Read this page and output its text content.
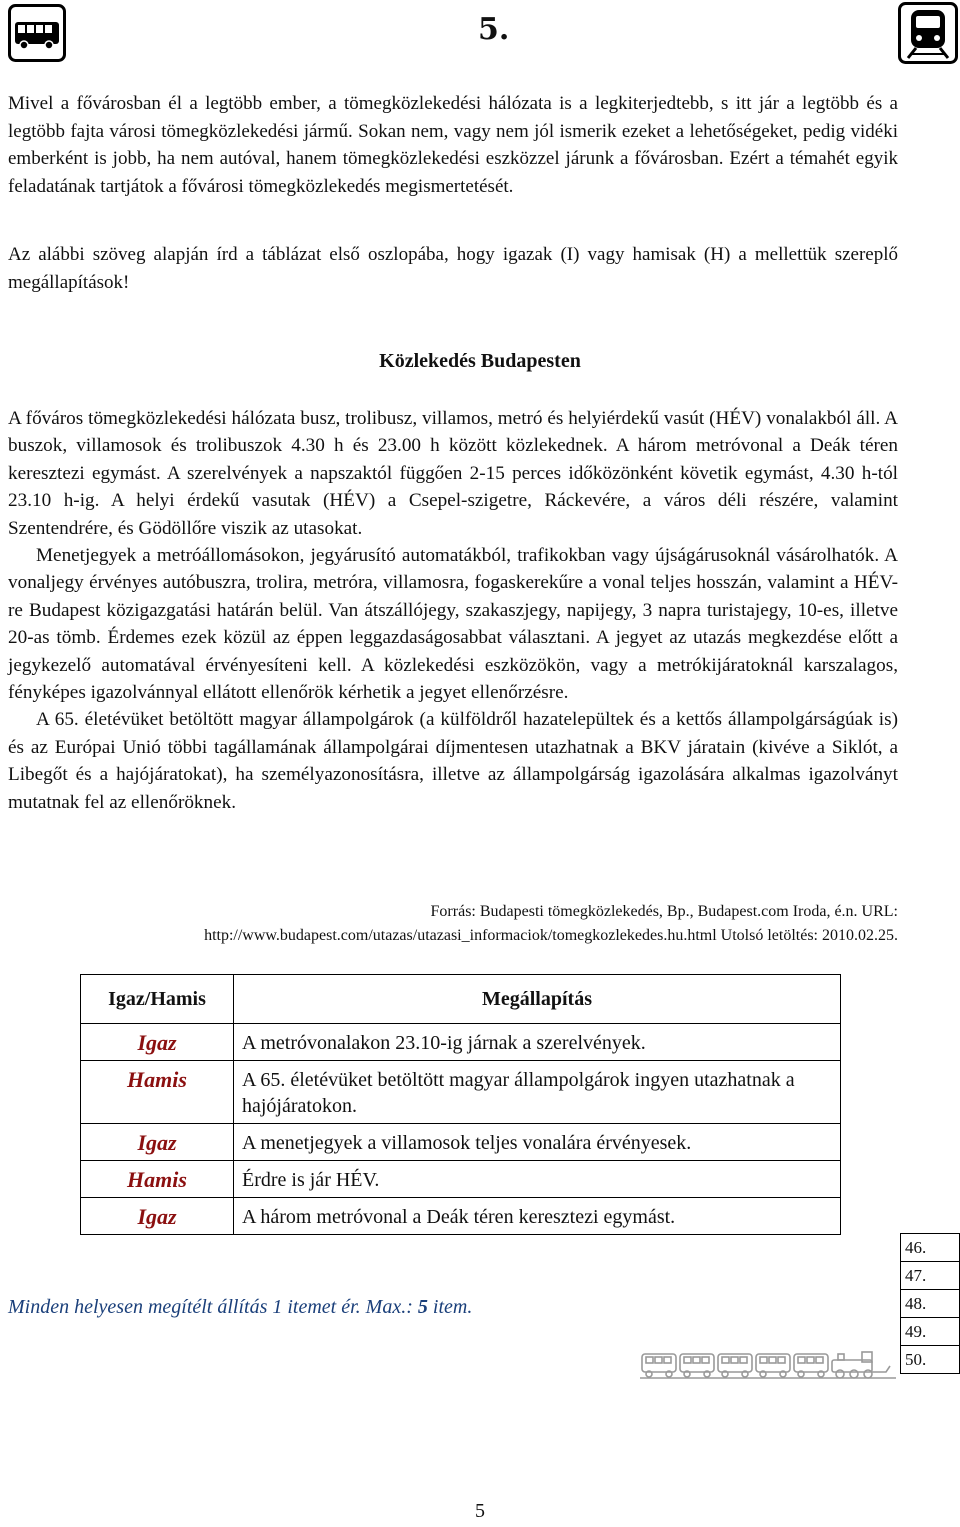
5.
Mivel a fővárosban él a legtöbb ember, a tömegközlekedési hálózata is a legkiterjedtebb, s itt jár a legtöbb és a legtöbb fajta városi tömegközlekedési jármű. Sokan nem, vagy nem jól ismerik ezeket a lehetőségeket, pedig vidéki emberként is jobb, ha nem autóval, hanem tömegközlekedési eszközzel járunk a fővárosban. Ezért a témahét egyik feladatának tartjátok a fővárosi tömegközlekedés megismertetését.
Az alábbi szöveg alapján írd a táblázat első oszlopába, hogy igazak (I) vagy hamisak (H) a mellettük szereplő megállapítások!
Közlekedés Budapesten

A főváros tömegközlekedési hálózata busz, trolibusz, villamos, metró és helyiérdekű vasút (HÉV) vonalakból áll. A buszok, villamosok és trolibuszok 4.30 h és 23.00 h között közlekednek. A három metróvonal a Deák téren keresztezi egymást. A szerelvények a napszaktól függően 2-15 perces időközönként követik egymást, 4.30 h-tól 23.10 h-ig. A helyi érdekű vasutak (HÉV) a Csepel-szigetre, Ráckevére, a város déli részére, valamint Szentendrére, és Gödöllőre viszik az utasokat.

Menetjegyek a metróállomásokon, jegyárusító automatákból, trafikokban vagy újságárusoknál vásárolhatók. A vonaljegy érvényes autóbuszra, trolira, metróra, villamosra, fogaskerekűre a vonal teljes hosszán, valamint a HÉV-re Budapest közigazgatási határán belül. Van átszállójegy, szakaszjegy, napijegy, 3 napra turistajegy, 10-es, illetve 20-as tömb. Érdemes ezek közül az éppen leggazdaságosabbat választani. A jegyet az utazás megkezdése előtt a jegykezelő automatával érvényesíteni kell. A közlekedési eszközökön, vagy a metrókijáratoknál karszalagos, fényképes igazolvánnyal ellátott ellenőrök kérhetik a jegyet ellenőrzésre.

A 65. életévüket betöltött magyar állampolgárok (a külföldről hazatelepültek és a kettős állampolgárságúak is) és az Európai Unió többi tagállamának állampolgárai díjmentesen utazhatnak a BKV járatain (kivéve a Siklót, a Libegőt és a hajójáratokat), ha személyazonosításra, illetve az állampolgárság igazolására alkalmas igazolványt mutatnak fel az ellenőröknek.

Forrás: Budapesti tömegközlekedés, Bp., Budapest.com Iroda, é.n. URL:
http://www.budapest.com/utazas/utazasi_informaciok/tomegkozlekedes.hu.html Utolsó letöltés: 2010.02.25.
Igaz/Hamis	Megállapítás
Igaz	A metróvonalakon 23.10-ig járnak a szerelvények.
Hamis	A 65. életévüket betöltött magyar állampolgárok ingyen utazhatnak a hajójáratokon.
Igaz	A menetjegyek a villamosok teljes vonalára érvényesek.
Hamis	Érdre is jár HÉV.
Igaz	A három metróvonal a Deák téren keresztezi egymást.
Minden helyesen megítélt állítás 1 itemet ér. Max.: 5 item.
46.
47.
48.
49.
50.
5
